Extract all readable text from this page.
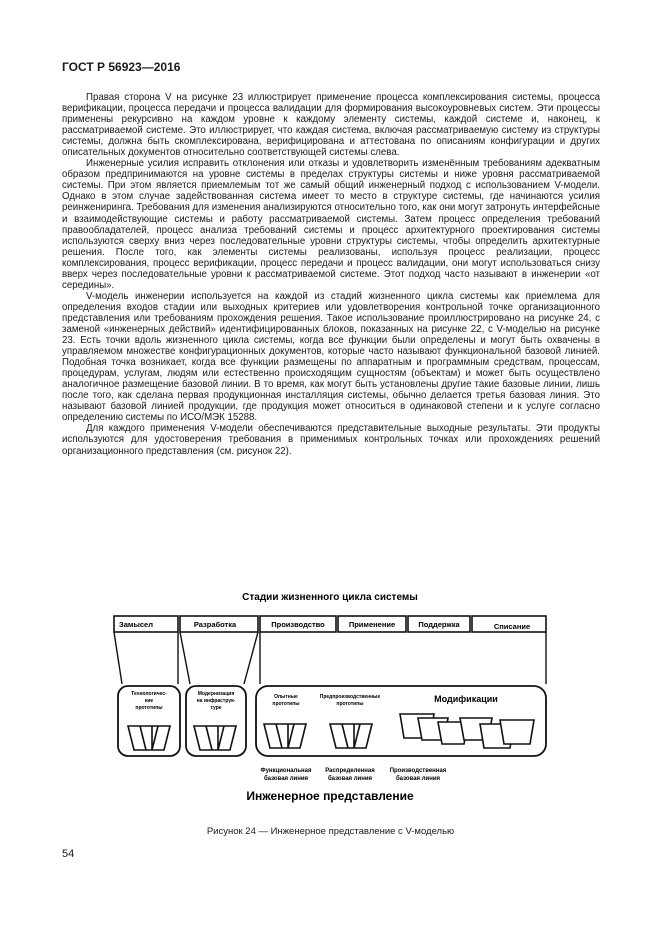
ГОСТ Р 56923—2016

Правая сторона V на рисунке 23 иллюстрирует применение процесса комплексирования системы, процесса верификации, процесса передачи и процесса валидации для формирования высокоуровневых систем. Эти процессы применены рекурсивно на каждом уровне к каждому элементу системы, каждой системе и, наконец, к рассматриваемой системе. Это иллюстрирует, что каждая система, включая рассматриваемую систему из структуры системы, должна быть скомплексирована, верифицирована и аттестована по описаниям конфигурации и других описательных документов относительно соответствующей системы слева.

Инженерные усилия исправить отклонения или отказы и удовлетворить изменённым требованиям адекватным образом предпринимаются на уровне системы в пределах структуры системы и ниже уровня рассматриваемой системы. При этом является приемлемым тот же самый общий инженерный подход с использованием V-модели. Однако в этом случае задействованная система имеет то место в структуре системы, где начинаются усилия реинжениринга. Требования для изменения анализируются относительно того, как они могут затронуть интерфейсные и взаимодействующие системы и работу рассматриваемой системы. Затем процесс определения требований правообладателей, процесс анализа требований системы и процесс архитектурного проектирования системы используются сверху вниз через последовательные уровни структуры системы, чтобы определить архитектурные решения. После того, как элементы системы реализованы, используя процесс реализации, процесс комплексирования, процесс верификации, процесс передачи и процесс валидации, они могут использоваться снизу вверх через последовательные уровни к рассматриваемой системе. Этот подход часто называют в инженерии «от середины».

V-модель инженерии используется на каждой из стадий жизненного цикла системы как приемлема для определения входов стадии или выходных критериев или удовлетворения контрольной точке организационного представления или требованиям прохождения решения. Такое использование проиллюстрировано на рисунке 24, с заменой «инженерных действий» идентифицированных блоков, показанных на рисунке 22, с V-моделью на рисунке 23. Есть точки вдоль жизненного цикла системы, когда все функции были определены и могут быть охвачены в управляемом множестве конфигурационных документов, которые часто называют функциональной базовой линией. Подобная точка возникает, когда все функции размещены по аппаратным и программным средствам, процессам, процедурам, услугам, людям или естественно происходящим сущностям (объектам) и может быть осуществлено аналогичное размещение базовой линии. В то время, как могут быть установлены другие такие базовые линии, лишь после того, как сделана первая продукционная инсталляция системы, обычно делается третья базовая линия. Это называют базовой линией продукции, где продукция может относиться в одинаковой степени и к услуге согласно определению системы по ИСО/МЭК 15288.

Для каждого применения V-модели обеспечиваются представительные выходные результаты. Эти продукты используются для удостоверения требования в применимых контрольных точках или прохождениях решений организационного представления (см. рисунок 22).

Стадии жизненного цикла системы
Замысел	Разработка	Производство	Применение	Поддержка	Списание
Технологичес-
кие
прототипы
Модернизация
на инфраструк-
туре
Опытные
прототипы
Предпроизводственные
прототипы	Модификации
Функциональная
базовая линия
Распределенная
базовая линия
Производственная
базовая линия
Инженерное представление
Рисунок 24 — Инженерное представление с V-моделью
54
